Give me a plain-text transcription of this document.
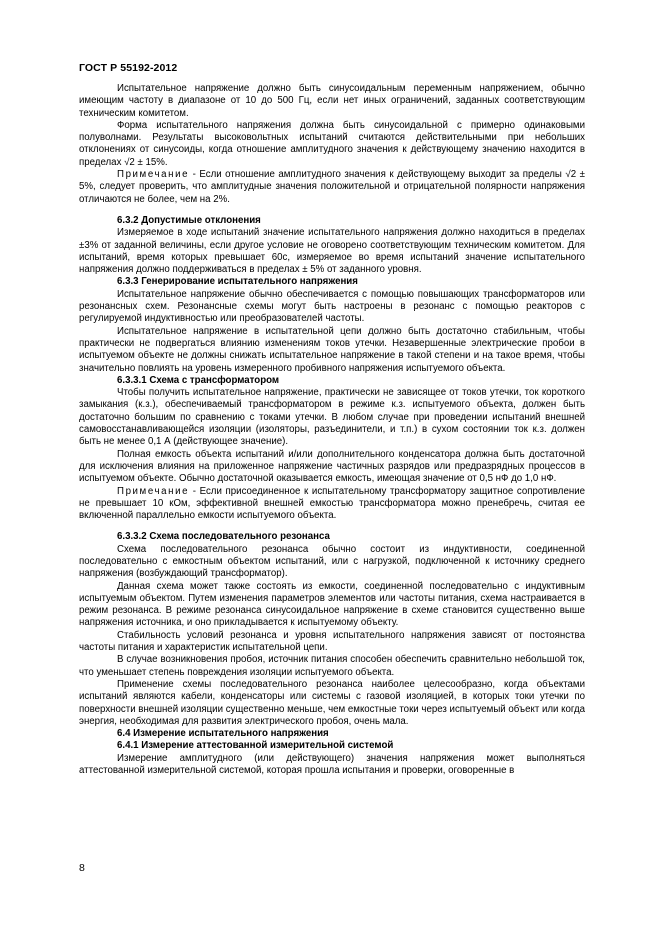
ГОСТ Р 55192-2012

Испытательное напряжение должно быть синусоидальным переменным напряжением, обычно имеющим частоту в диапазоне от 10 до 500 Гц, если нет иных ограничений, заданных соответствующим техническим комитетом.

Форма испытательного напряжения должна быть синусоидальной с примерно одинаковыми полуволнами. Результаты высоковольтных испытаний считаются действительными при небольших отклонениях от синусоиды, когда отношение амплитудного значения к действующему значению находится в пределах √2 ± 15%.

Примечание - Если отношение амплитудного значения к действующему выходит за пределы √2 ± 5%, следует проверить, что амплитудные значения положительной и отрицательной полярности напряжения отличаются не более, чем на 2%.

6.3.2 Допустимые отклонения

Измеряемое в ходе испытаний значение испытательного напряжения должно находиться в пределах ±3% от заданной величины, если другое условие не оговорено соответствующим техническим комитетом. Для испытаний, время которых превышает 60с, измеряемое во время испытаний значение испытательного напряжения должно поддерживаться в пределах ± 5% от заданного уровня.

6.3.3 Генерирование испытательного напряжения

Испытательное напряжение обычно обеспечивается с помощью повышающих трансформаторов или резонансных схем. Резонансные схемы могут быть настроены в резонанс с помощью реакторов с регулируемой индуктивностью или преобразователей частоты.

Испытательное напряжение в испытательной цепи должно быть достаточно стабильным, чтобы практически не подвергаться влиянию изменениям токов утечки. Незавершенные электрические пробои в испытуемом объекте не должны снижать испытательное напряжение в такой степени и на такое время, чтобы значительно повлиять на уровень измеренного пробивного напряжения испытуемого объекта.

6.3.3.1 Схема с трансформатором

Чтобы получить испытательное напряжение, практически не зависящее от токов утечки, ток короткого замыкания (к.з.), обеспечиваемый трансформатором в режиме к.з. испытуемого объекта, должен быть достаточно большим по сравнению с токами утечки. В любом случае при проведении испытаний внешней самовосстанавливающейся изоляции (изоляторы, разъединители, и т.п.) в сухом состоянии ток к.з. должен быть не менее 0,1 А (действующее значение).

Полная емкость объекта испытаний и/или дополнительного конденсатора должна быть достаточной для исключения влияния на приложенное напряжение частичных разрядов или предразрядных процессов в испытуемом объекте. Обычно достаточной оказывается емкость, имеющая значение от 0,5 нФ до 1,0 нФ.

Примечание - Если присоединенное к испытательному трансформатору защитное сопротивление не превышает 10 кОм, эффективной внешней емкостью трансформатора можно пренебречь, считая ее включенной параллельно емкости испытуемого объекта.

6.3.3.2 Схема последовательного резонанса

Схема последовательного резонанса обычно состоит из индуктивности, соединенной последовательно с емкостным объектом испытаний, или с нагрузкой, подключенной к источнику среднего напряжения (возбуждающий трансформатор).

Данная схема может также состоять из емкости, соединенной последовательно с индуктивным испытуемым объектом. Путем изменения параметров элементов или частоты питания, схема настраивается в режим резонанса. В режиме резонанса синусоидальное напряжение в схеме становится существенно выше напряжения источника, и оно прикладывается к испытуемому объекту.

Стабильность условий резонанса и уровня испытательного напряжения зависят от постоянства частоты питания и характеристик испытательной цепи.

В случае возникновения пробоя, источник питания способен обеспечить сравнительно небольшой ток, что уменьшает степень повреждения изоляции испытуемого объекта.

Применение схемы последовательного резонанса наиболее целесообразно, когда объектами испытаний являются кабели, конденсаторы или системы с газовой изоляцией, в которых токи утечки по поверхности внешней изоляции существенно меньше, чем емкостные токи через испытуемый объект или когда энергия, необходимая для развития электрического пробоя, очень мала.

6.4 Измерение испытательного напряжения

6.4.1 Измерение аттестованной измерительной системой

Измерение амплитудного (или действующего) значения напряжения может выполняться аттестованной измерительной системой, которая прошла испытания и проверки, оговоренные в

8
